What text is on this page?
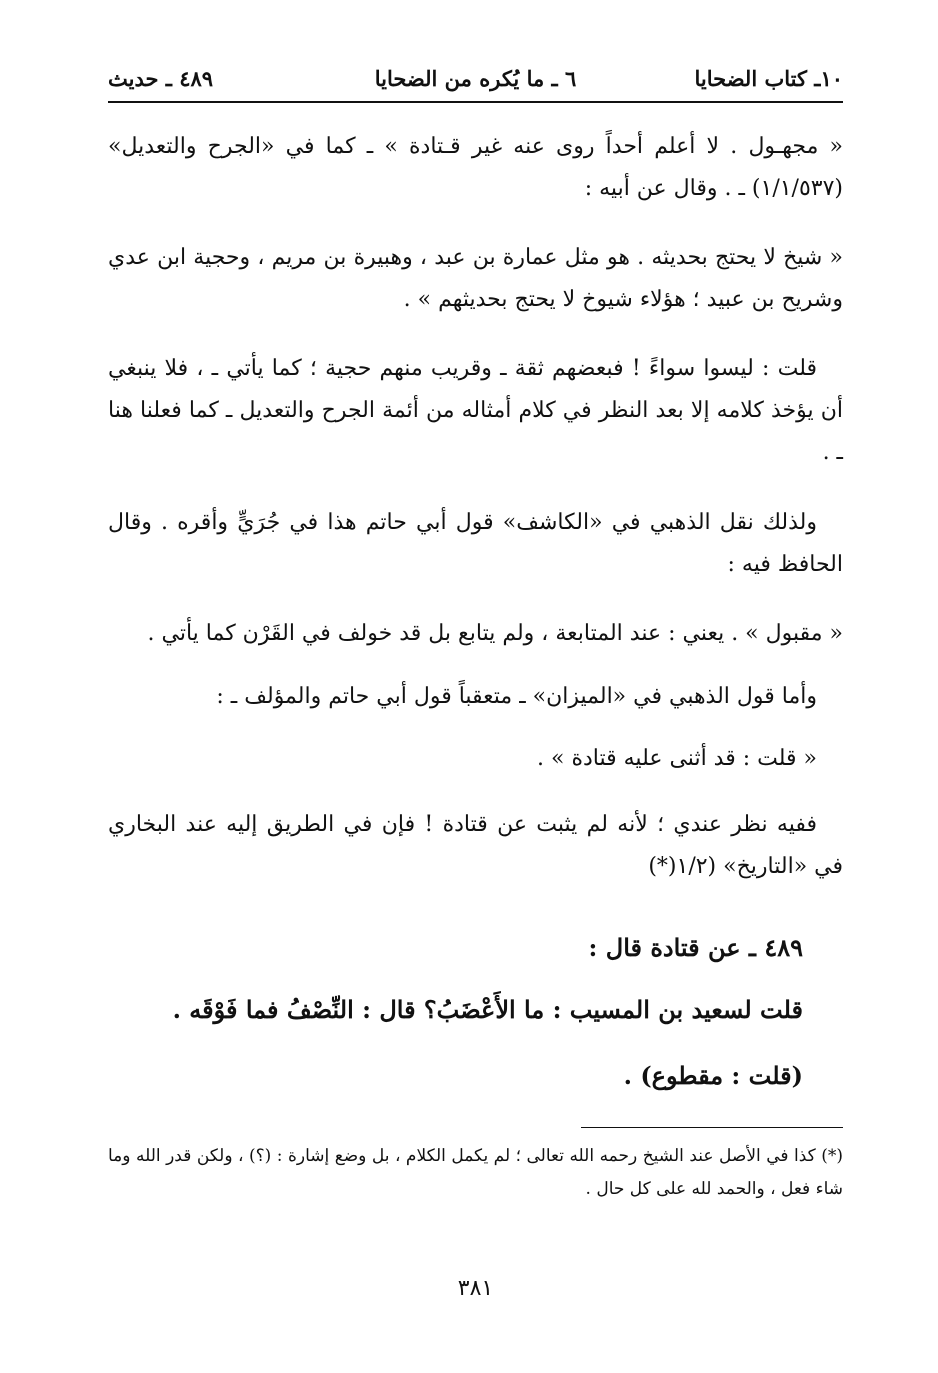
١٠ـ كتاب الضحايا
٦ ـ ما يُكره من الضحايا
٤٨٩ ـ حديث

« مجهـول . لا أعلم أحداً روى عنه غير قـتادة » ـ كما في «الجرح والتعديل» (١/١/٥٣٧) ـ . وقال عن أبيه :

« شيخ لا يحتج بحديثه . هو مثل عمارة بن عبد ، وهبيرة بن مريم ، وحجية ابن عدي وشريح بن عبيد ؛ هؤلاء شيوخ لا يحتج بحديثهم » .

قلت : ليسوا سواءً ! فبعضهم ثقة ـ وقريب منهم حجية ؛ كما يأتي ـ ، فلا ينبغي أن يؤخذ كلامه إلا بعد النظر في كلام أمثاله من أئمة الجرح والتعديل ـ كما فعلنا هنا ـ .

ولذلك نقل الذهبي في «الكاشف» قول أبي حاتم هذا في جُرَيٍّ وأقره . وقال الحافظ فيه :

« مقبول » . يعني : عند المتابعة ، ولم يتابع بل قد خولف في القَرْن كما يأتي .

وأما قول الذهبي في «الميزان» ـ متعقباً قول أبي حاتم والمؤلف ـ :

« قلت : قد أثنى عليه قتادة » .

ففيه نظر عندي ؛ لأنه لم يثبت عن قتادة ! فإن في الطريق إليه عند البخاري في «التاريخ» (١/٢(*)

٤٨٩ ـ عن قتادة قال :

قلت لسعيد بن المسيب : ما الأَعْضَبُ؟ قال : النِّصْفُ فما فَوْقَه .

(قلت : مقطوع) .

(*) كذا في الأصل عند الشيخ رحمه الله تعالى ؛ لم يكمل الكلام ، بل وضع إشارة : (؟) ، ولكن قدر الله وما شاء فعل ، والحمد لله على كل حال .

٣٨١
